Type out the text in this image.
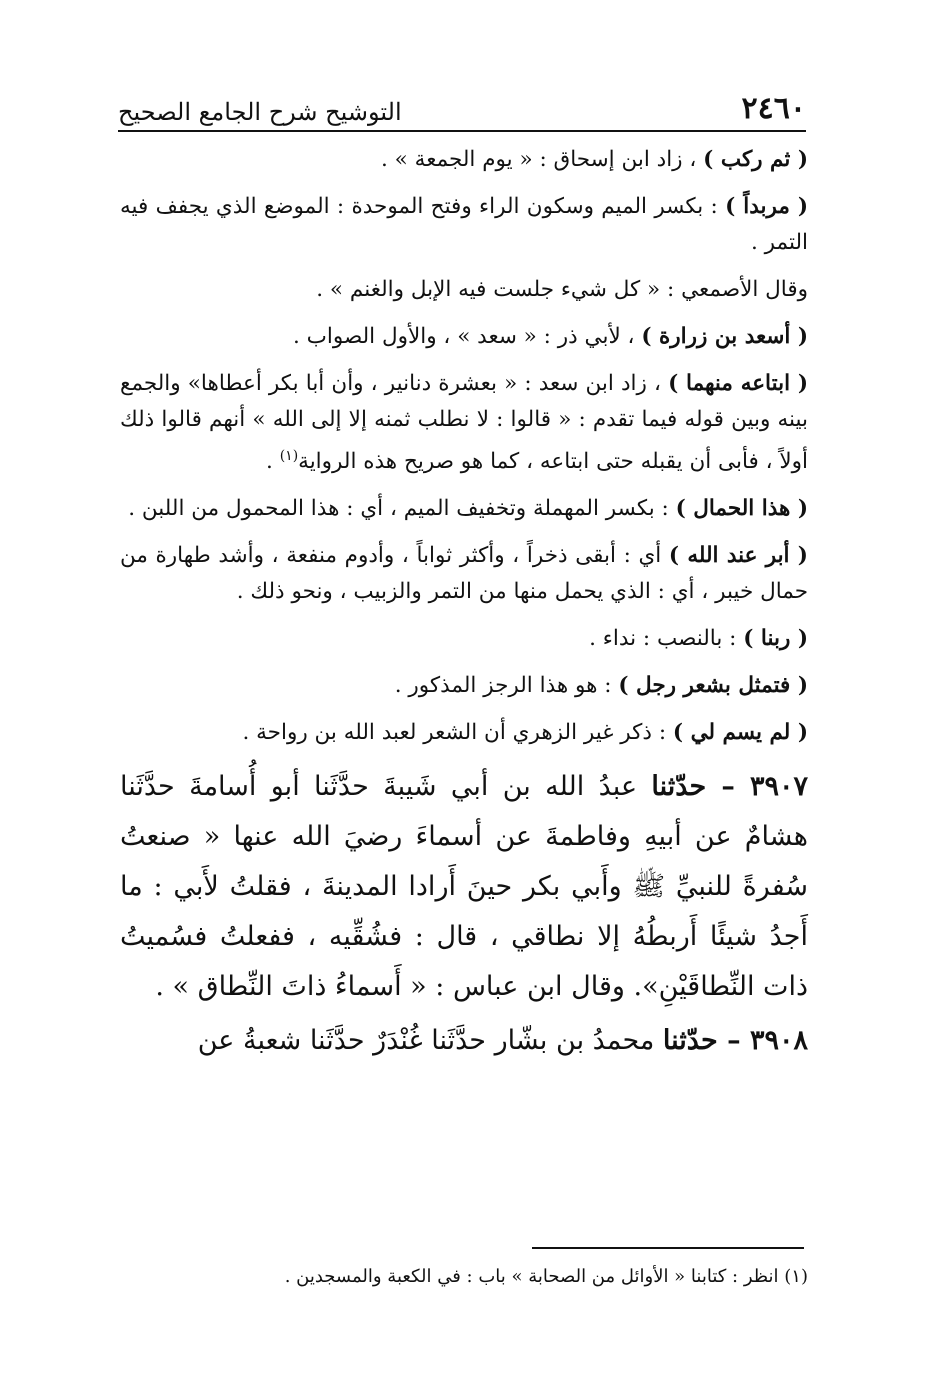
٢٤٦٠
التوشيح شرح الجامع الصحيح

( ثم ركب ) ، زاد ابن إسحاق : « يوم الجمعة » .

( مربداً ) : بكسر الميم وسكون الراء وفتح الموحدة : الموضع الذي يجفف فيه التمر .

وقال الأصمعي : « كل شيء جلست فيه الإبل والغنم » .

( أسعد بن زرارة ) ، لأبي ذر : « سعد » ، والأول الصواب .

( ابتاعه منهما ) ، زاد ابن سعد : « بعشرة دنانير ، وأن أبا بكر أعطاها» والجمع بينه وبين قوله فيما تقدم : « قالوا : لا نطلب ثمنه إلا إلى الله » أنهم قالوا ذلك أولاً ، فأبى أن يقبله حتى ابتاعه ، كما هو صريح هذه الرواية$^{(١)}$ .

( هذا الحمال ) : بكسر المهملة وتخفيف الميم ، أي : هذا المحمول من اللبن .

( أبر عند الله ) أي : أبقى ذخراً ، وأكثر ثواباً ، وأدوم منفعة ، وأشد طهارة من حمال خيبر ، أي : الذي يحمل منها من التمر والزبيب ، ونحو ذلك .

( ربنا ) : بالنصب : نداء .

( فتمثل بشعر رجل ) : هو هذا الرجز المذكور .

( لم يسم لي ) : ذكر غير الزهري أن الشعر لعبد الله بن رواحة .

٣٩٠٧ – حدّثنا عبدُ الله بن أبي شَيبةَ حدَّثَنا أبو أُسامةَ حدَّثَنا هشامٌ عن أبيهِ وفاطمةَ عن أسماءَ رضيَ الله عنها « صنعتُ سُفرةً للنبيِّ ﷺ وأَبي بكر حينَ أَرادا المدينةَ ، فقلتُ لأَبي : ما أَجدُ شيئًا أَربطُهُ إلا نطاقي ، قال : فشُقِّيه ، ففعلتُ فسُميتُ ذات النِّطاقَيْنِ». وقال ابن عباس : « أَسماءُ ذاتَ النِّطاق » .

٣٩٠٨ – حدّثنا محمدُ بن بشّار حدَّثَنا غُنْدَرٌ حدَّثَنا شعبةُ عن

(١) انظر : كتابنا « الأوائل من الصحابة » باب : في الكعبة والمسجدين .
